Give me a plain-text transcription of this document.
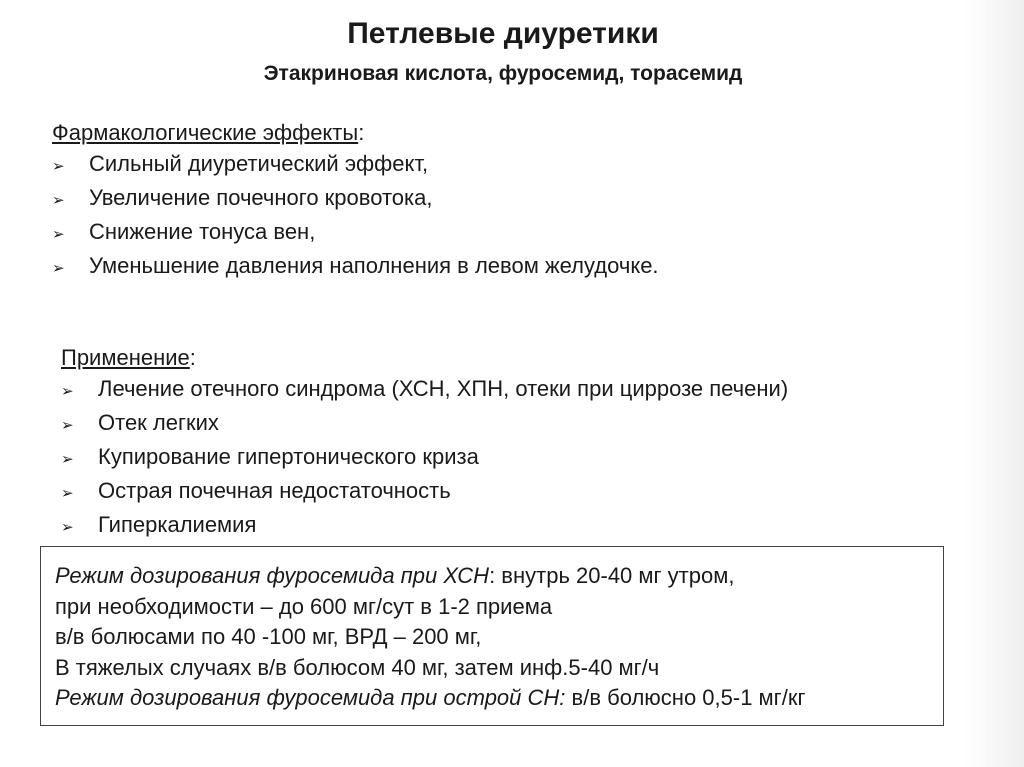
Петлевые диуретики
Этакриновая кислота, фуросемид, торасемид
Фармакологические эффекты:
➢	Сильный диуретический эффект,
➢	Увеличение почечного кровотока,
➢	Снижение тонуса вен,
➢	Уменьшение давления наполнения в левом желудочке.
Применение:
➢	Лечение отечного синдрома (ХСН, ХПН, отеки при циррозе печени)
➢	Отек легких
➢	Купирование гипертонического криза
➢	Острая почечная недостаточность
➢	Гиперкалиемия
Режим дозирования фуросемида при ХСН: внутрь 20-40 мг утром,
при необходимости – до 600 мг/сут в 1-2 приема
в/в болюсами по 40 -100 мг, ВРД – 200 мг,
В тяжелых случаях в/в болюсом 40 мг, затем инф.5-40 мг/ч
Режим дозирования фуросемида при острой СН: в/в болюсно 0,5-1 мг/кг
